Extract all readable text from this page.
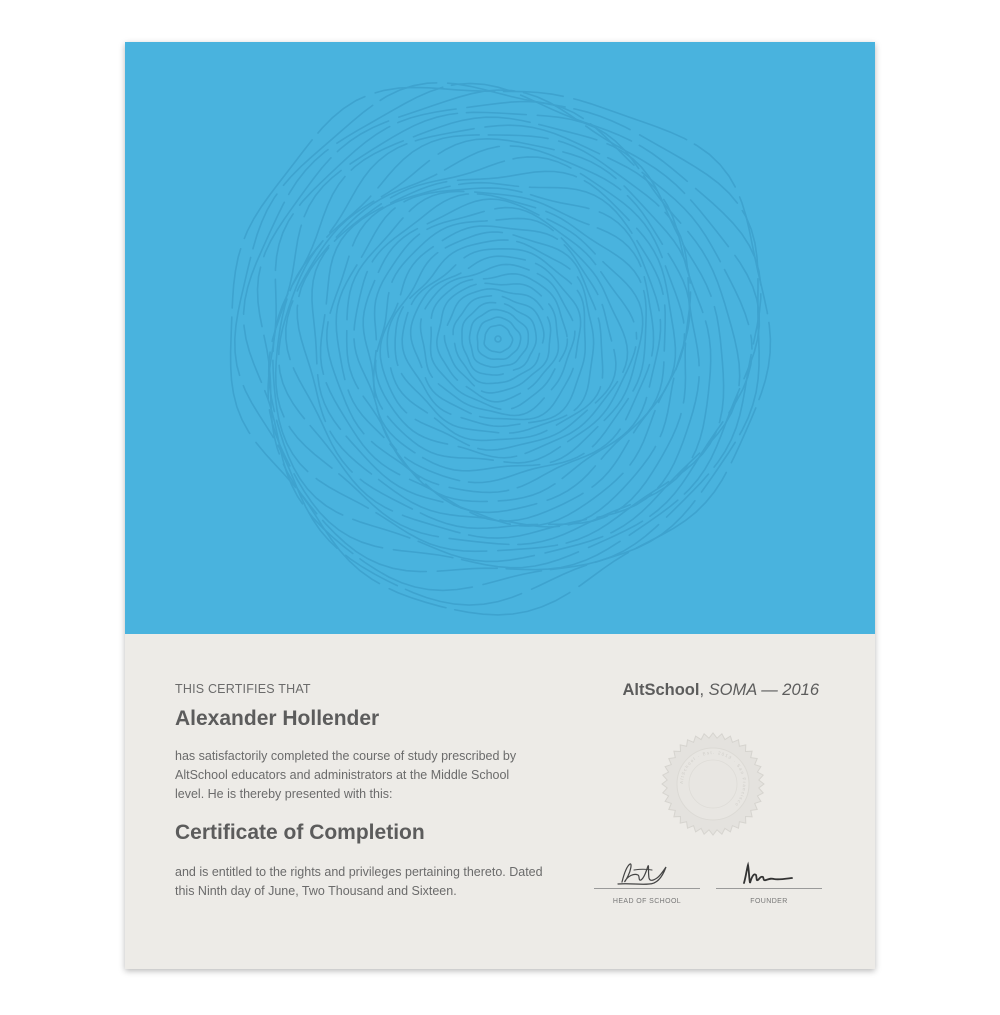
THIS CERTIFIES THAT
Alexander Hollender
has satisfactorily completed the course of study prescribed by AltSchool educators and administrators at the Middle School level. He is thereby presented with this:
Certificate of Completion
and is entitled to the rights and privileges pertaining thereto. Dated this Ninth day of June, Two Thousand and Sixteen.
AltSchool, SOMA — 2016
AltSchool · Est. 2013 · San Francisco
HEAD OF SCHOOL	FOUNDER
